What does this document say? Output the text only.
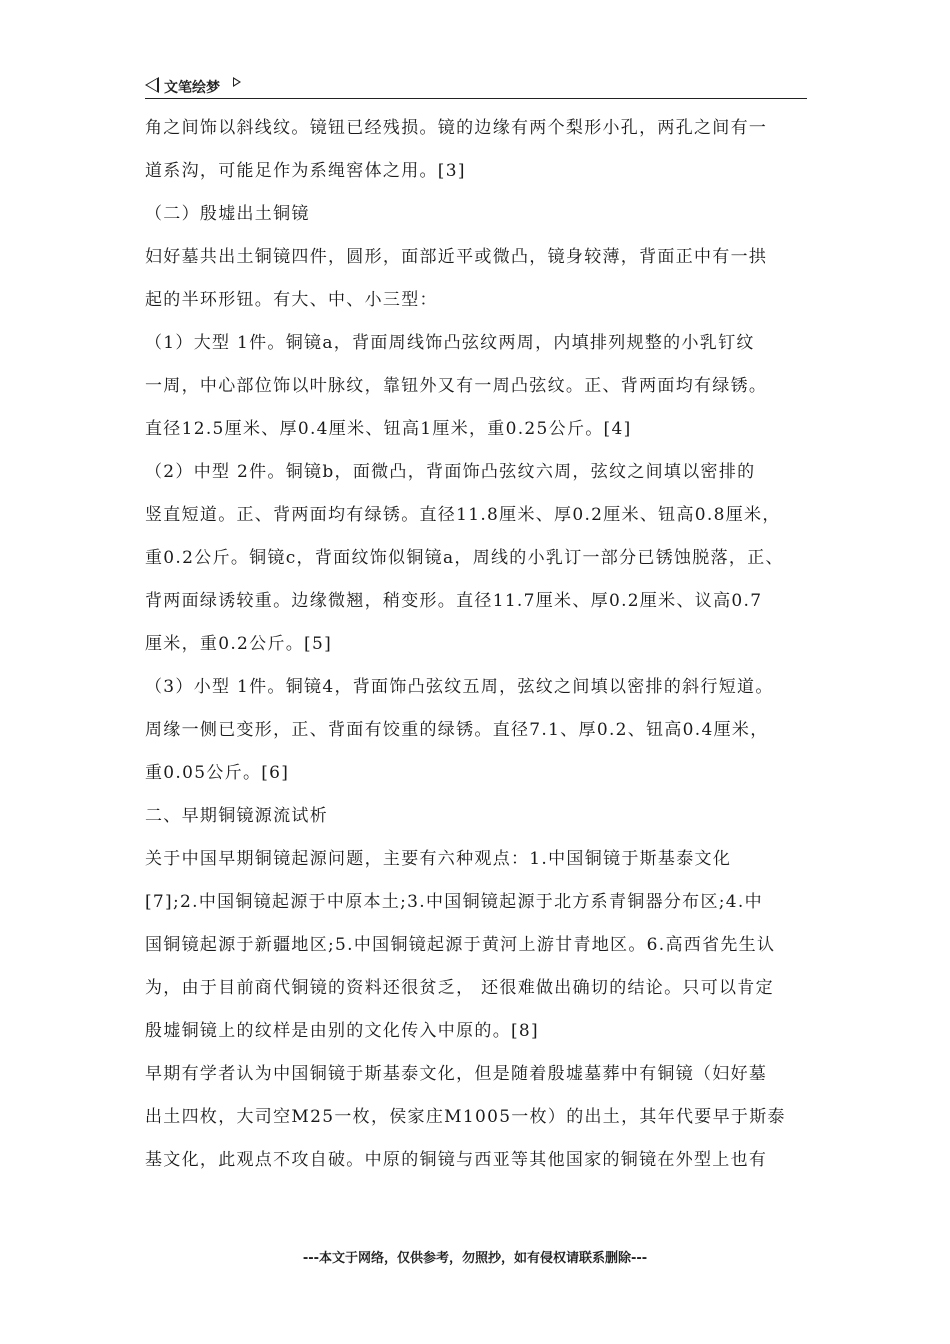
文笔绘梦
角之间饰以斜线纹。镜钮已经残损。镜的边缘有两个梨形小孔，两孔之间有一
道系沟，可能足作为系绳窖体之用。[3]
（二）殷墟出土铜镜
妇好墓共出土铜镜四件，圆形，面部近平或微凸，镜身较薄，背面正中有一拱
起的半环形钮。有大、中、小三型：
（1）大型 1件。铜镜a，背面周线饰凸弦纹两周，内填排列规整的小乳钉纹
一周，中心部位饰以叶脉纹，靠钮外又有一周凸弦纹。正、背两面均有绿锈。
直径12.5厘米、厚0.4厘米、钮高1厘米，重0.25公斤。[4]
（2）中型 2件。铜镜b，面微凸，背面饰凸弦纹六周，弦纹之间填以密排的
竖直短道。正、背两面均有绿锈。直径11.8厘米、厚0.2厘米、钮高0.8厘米，
重0.2公斤。铜镜c，背面纹饰似铜镜a，周线的小乳订一部分已锈蚀脱落，正、
背两面绿诱较重。边缘微翘，稍变形。直径11.7厘米、厚0.2厘米、议高0.7
厘米，重0.2公斤。[5]
（3）小型 1件。铜镜4，背面饰凸弦纹五周，弦纹之间填以密排的斜行短道。
周缘一侧已变形，正、背面有饺重的绿锈。直径7.1、厚0.2、钮高0.4厘米，
重0.05公斤。[6]
二、早期铜镜源流试析
关于中国早期铜镜起源问题，主要有六种观点：1.中国铜镜于斯基泰文化
[7];2.中国铜镜起源于中原本土;3.中国铜镜起源于北方系青铜器分布区;4.中
国铜镜起源于新疆地区;5.中国铜镜起源于黄河上游甘青地区。6.高西省先生认
为，由于目前商代铜镜的资料还很贫乏， 还很难做出确切的结论。只可以肯定
殷墟铜镜上的纹样是由别的文化传入中原的。[8]
早期有学者认为中国铜镜于斯基泰文化，但是随着殷墟墓葬中有铜镜（妇好墓
出土四枚，大司空M25一枚，侯家庄M1005一枚）的出土，其年代要早于斯泰
基文化，此观点不攻自破。中原的铜镜与西亚等其他国家的铜镜在外型上也有
---本文于网络，仅供参考，勿照抄，如有侵权请联系删除---
